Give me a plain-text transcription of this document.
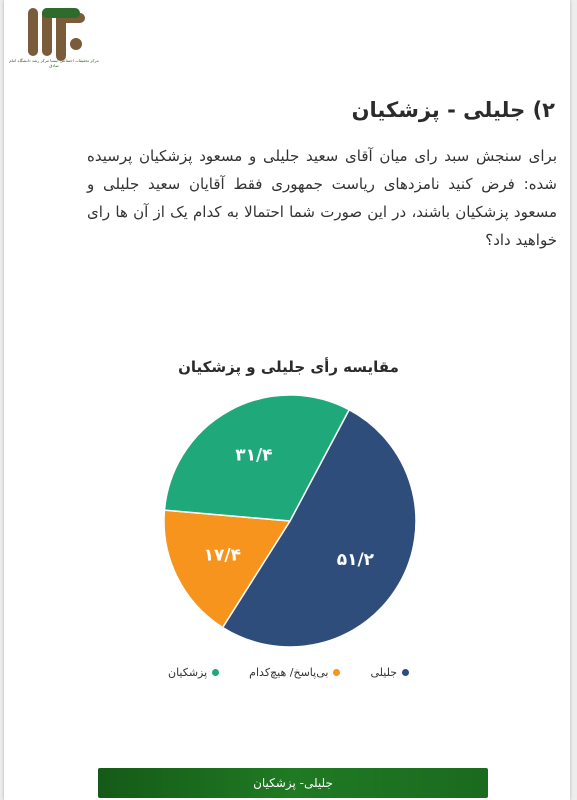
مرکز تحقیقات اجتماعی ایسنا مرکز رشد دانشگاه امام صادق
۲) جلیلی - پزشکیان

برای سنجش سبد رای میان آقای سعید جلیلی و مسعود پزشکیان پرسیده شده: فرض کنید نامزدهای ریاست جمهوری فقط آقایان سعید جلیلی و مسعود پزشکیان باشند، در این صورت شما احتمالا به کدام یک از آن ها رای خواهید داد؟

مقایسه رأی جلیلی و پزشکیان
۵۱/۲
۱۷/۴
۳۱/۴
جلیلی
بی‌پاسخ/ هیچ‌کدام
پزشکیان
جلیلی- پزشکیان
